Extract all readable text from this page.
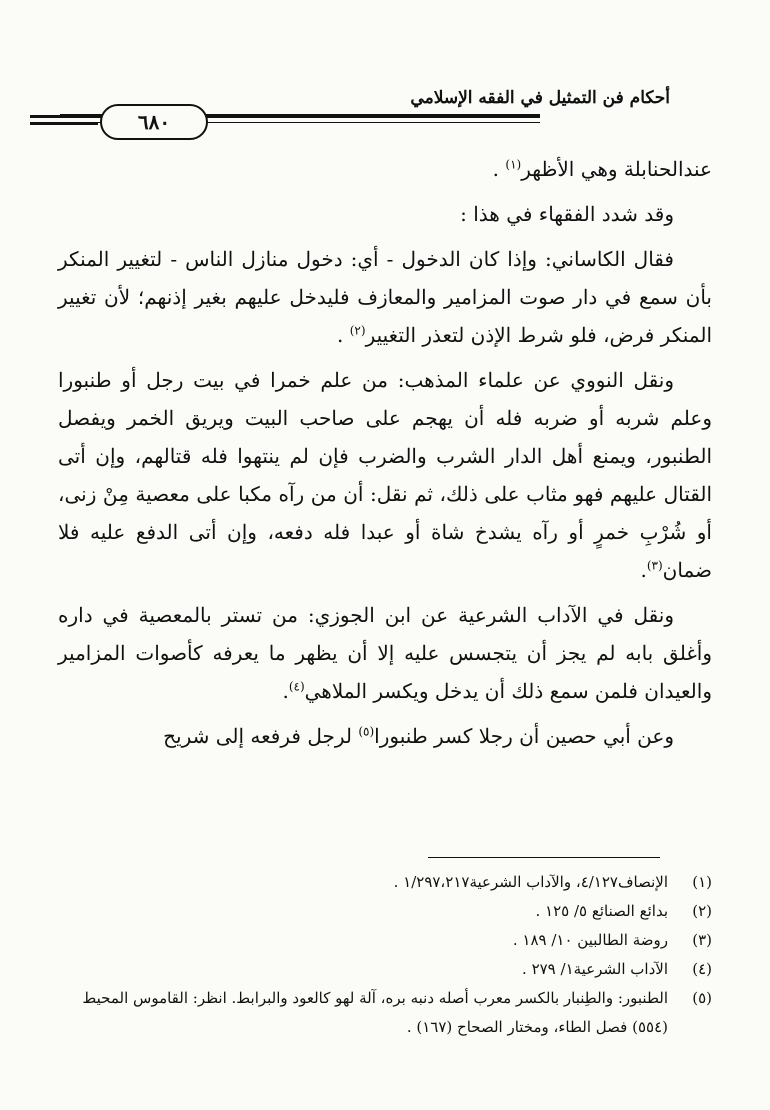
أحكام فن التمثيل في الفقه الإسلامي
٦٨٠

عندالحنابلة وهي الأظهر$^{(١)}$ .

وقد شدد الفقهاء في هذا :

فقال الكاساني: وإذا كان الدخول - أي: دخول منازل الناس - لتغيير المنكر بأن سمع في دار صوت المزامير والمعازف فليدخل عليهم بغير إذنهم؛ لأن تغيير المنكر فرض، فلو شرط الإذن لتعذر التغيير$^{(٢)}$ .

ونقل النووي عن علماء المذهب: من علم خمرا في بيت رجل أو طنبورا وعلم شربه أو ضربه فله أن يهجم على صاحب البيت ويريق الخمر ويفصل الطنبور، ويمنع أهل الدار الشرب والضرب فإن لم ينتهوا فله قتالهم، وإن أتى القتال عليهم فهو مثاب على ذلك، ثم نقل: أن من رآه مكبا على معصية مِنْ زنى، أو شُرْبِ خمرٍ أو رآه يشدخ شاة أو عبدا فله دفعه، وإن أتى الدفع عليه فلا ضمان$^{(٣)}$.

ونقل في الآداب الشرعية عن ابن الجوزي: من تستر بالمعصية في داره وأغلق بابه لم يجز أن يتجسس عليه إلا أن يظهر ما يعرفه كأصوات المزامير والعيدان فلمن سمع ذلك أن يدخل ويكسر الملاهي$^{(٤)}$.

وعن أبي حصين أن رجلا كسر طنبورا$^{(٥)}$ لرجل فرفعه إلى شريح

(١)
الإنصاف٤/١٢٧، والآداب الشرعية١/٢٩٧،٢١٧ .
(٢)
بدائع الصنائع ٥/ ١٢٥ .
(٣)
روضة الطالبين ١٠/ ١٨٩ .
(٤)
الآداب الشرعية١/ ٢٧٩ .
(٥)
الطنبور: والطِنبار بالكسر معرب أصله دنبه بره، آلة لهو كالعود والبرابط. انظر: القاموس المحيط (٥٥٤) فصل الطاء، ومختار الصحاح (١٦٧) .
